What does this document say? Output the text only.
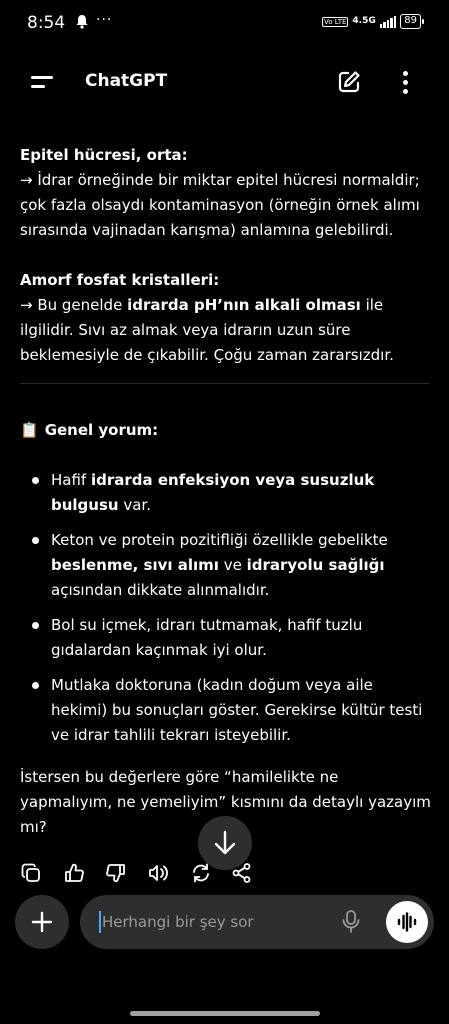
8:54 ···	Vo LTE 4.5G	89
ChatGPT
Epitel hücresi, orta:
→ İdrar örneğinde bir miktar epitel hücresi normaldir; çok fazla olsaydı kontaminasyon (örneğin örnek alımı sırasında vajinadan karışma) anlamına gelebilirdi.
Amorf fosfat kristalleri:
→ Bu genelde idrarda pH’nın alkali olması ile ilgilidir. Sıvı az almak veya idrarın uzun süre beklemesiyle de çıkabilir. Çoğu zaman zararsızdır.
📋 Genel yorum:
Hafif idrarda enfeksiyon veya susuzluk bulgusu var.
Keton ve protein pozitifliği özellikle gebelikte beslenme, sıvı alımı ve idraryolu sağlığı açısından dikkate alınmalıdır.
Bol su içmek, idrarı tutmamak, hafif tuzlu gıdalardan kaçınmak iyi olur.
Mutlaka doktoruna (kadın doğum veya aile hekimi) bu sonuçları göster. Gerekirse kültür testi ve idrar tahlili tekrarı isteyebilir.
İstersen bu değerlere göre “hamilelikte ne yapmalıyım, ne yemeliyim” kısmını da detaylı yazayım mı?
Herhangi bir şey sor
